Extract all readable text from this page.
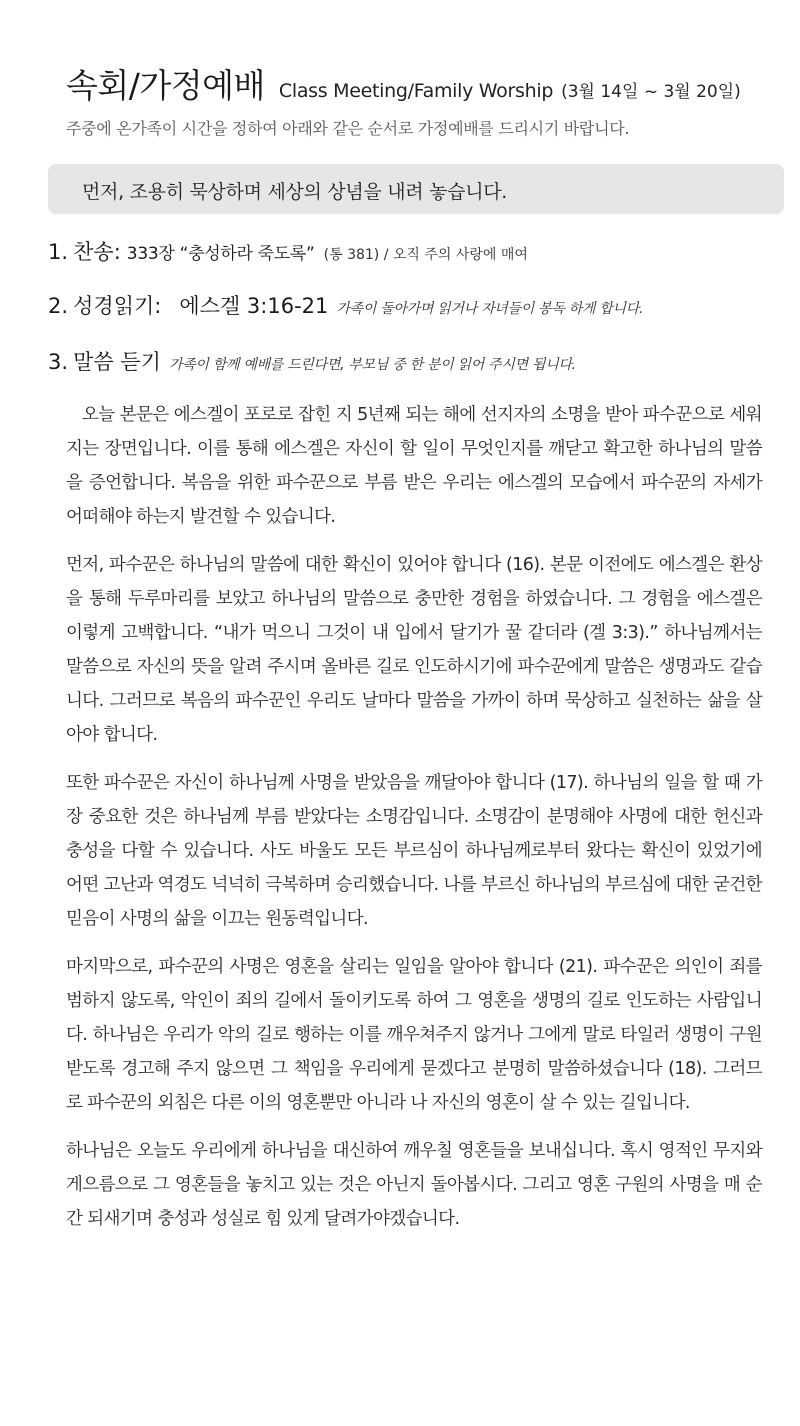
속회/가정예배 Class Meeting/Family Worship (3월 14일 ~ 3월 20일)
주중에 온가족이 시간을 정하여 아래와 같은 순서로 가정예배를 드리시기 바랍니다.
먼저, 조용히 묵상하며 세상의 상념을 내려 놓습니다.
1. 찬송: 333장 “충성하라 죽도록” (통 381) / 오직 주의 사랑에 매여
2. 성경읽기: 에스겔 3:16-21 가족이 돌아가며 읽거나 자녀들이 봉독 하게 합니다.
3. 말씀 듣기 가족이 함께 예배를 드린다면, 부모님 중 한 분이 읽어 주시면 됩니다.

오늘 본문은 에스겔이 포로로 잡힌 지 5년째 되는 해에 선지자의 소명을 받아 파수꾼으로 세워지는 장면입니다. 이를 통해 에스겔은 자신이 할 일이 무엇인지를 깨닫고 확고한 하나님의 말씀을 증언합니다. 복음을 위한 파수꾼으로 부름 받은 우리는 에스겔의 모습에서 파수꾼의 자세가 어떠해야 하는지 발견할 수 있습니다.

먼저, 파수꾼은 하나님의 말씀에 대한 확신이 있어야 합니다 (16). 본문 이전에도 에스겔은 환상을 통해 두루마리를 보았고 하나님의 말씀으로 충만한 경험을 하였습니다. 그 경험을 에스겔은 이렇게 고백합니다. “내가 먹으니 그것이 내 입에서 달기가 꿀 같더라 (겔 3:3).” 하나님께서는 말씀으로 자신의 뜻을 알려 주시며 올바른 길로 인도하시기에 파수꾼에게 말씀은 생명과도 같습니다. 그러므로 복음의 파수꾼인 우리도 날마다 말씀을 가까이 하며 묵상하고 실천하는 삶을 살아야 합니다.

또한 파수꾼은 자신이 하나님께 사명을 받았음을 깨달아야 합니다 (17). 하나님의 일을 할 때 가장 중요한 것은 하나님께 부름 받았다는 소명감입니다. 소명감이 분명해야 사명에 대한 헌신과 충성을 다할 수 있습니다. 사도 바울도 모든 부르심이 하나님께로부터 왔다는 확신이 있었기에 어떤 고난과 역경도 넉넉히 극복하며 승리했습니다. 나를 부르신 하나님의 부르심에 대한 굳건한 믿음이 사명의 삶을 이끄는 원동력입니다.

마지막으로, 파수꾼의 사명은 영혼을 살리는 일임을 알아야 합니다 (21). 파수꾼은 의인이 죄를 범하지 않도록, 악인이 죄의 길에서 돌이키도록 하여 그 영혼을 생명의 길로 인도하는 사람입니다. 하나님은 우리가 악의 길로 행하는 이를 깨우쳐주지 않거나 그에게 말로 타일러 생명이 구원받도록 경고해 주지 않으면 그 책임을 우리에게 묻겠다고 분명히 말씀하셨습니다 (18). 그러므로 파수꾼의 외침은 다른 이의 영혼뿐만 아니라 나 자신의 영혼이 살 수 있는 길입니다.

하나님은 오늘도 우리에게 하나님을 대신하여 깨우칠 영혼들을 보내십니다. 혹시 영적인 무지와 게으름으로 그 영혼들을 놓치고 있는 것은 아닌지 돌아봅시다. 그리고 영혼 구원의 사명을 매 순간 되새기며 충성과 성실로 힘 있게 달려가야겠습니다.
